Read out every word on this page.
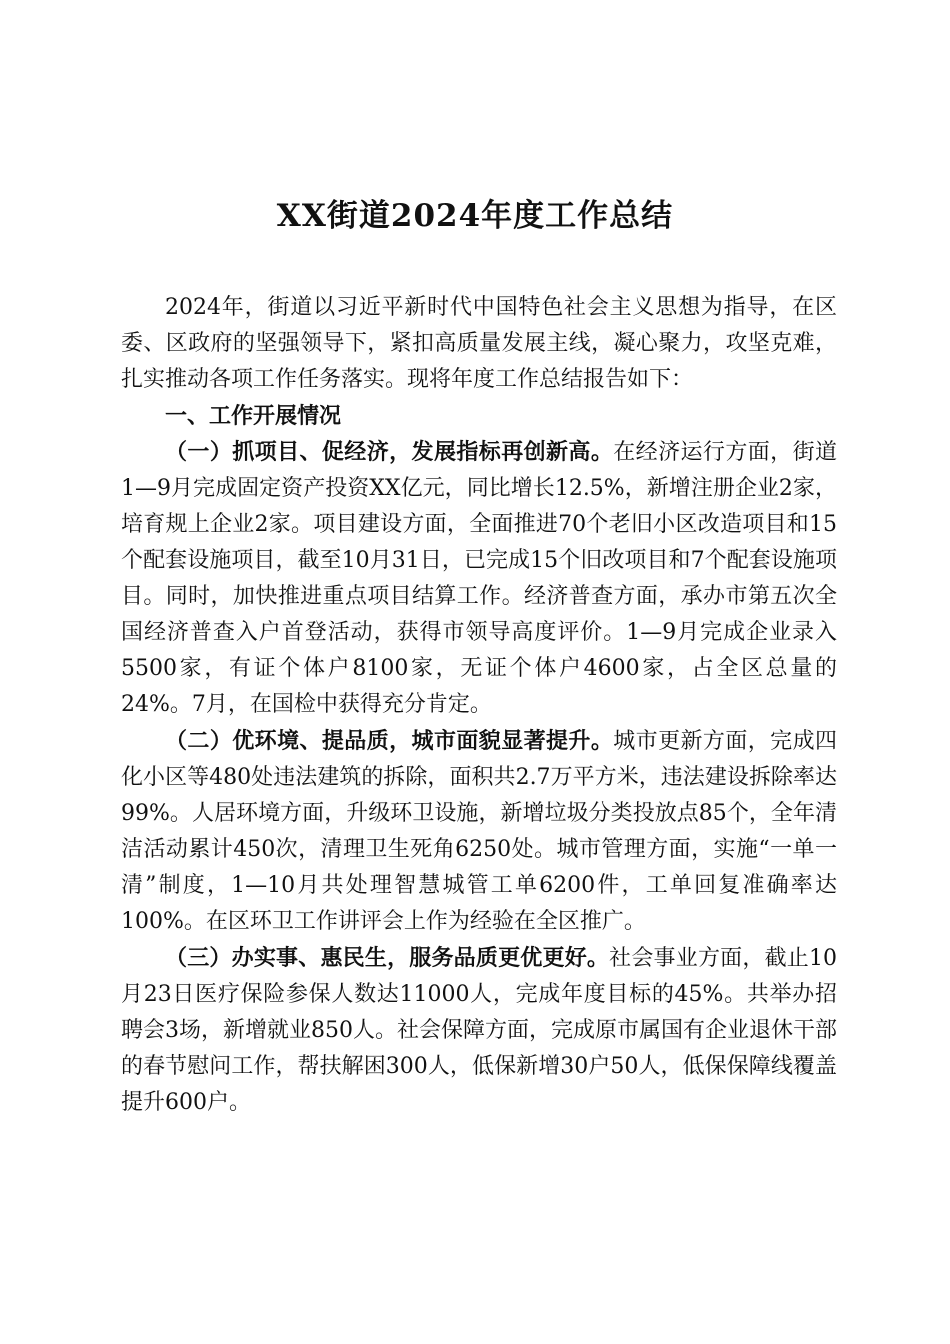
XX街道2024年度工作总结

2024年，街道以习近平新时代中国特色社会主义思想为指导，在区委、区政府的坚强领导下，紧扣高质量发展主线，凝心聚力，攻坚克难，扎实推动各项工作任务落实。现将年度工作总结报告如下：

一、工作开展情况

（一）抓项目、促经济，发展指标再创新高。在经济运行方面，街道1—9月完成固定资产投资XX亿元，同比增长12.5%，新增注册企业2家，培育规上企业2家。项目建设方面，全面推进70个老旧小区改造项目和15个配套设施项目，截至10月31日，已完成15个旧改项目和7个配套设施项目。同时，加快推进重点项目结算工作。经济普查方面，承办市第五次全国经济普查入户首登活动，获得市领导高度评价。1—9月完成企业录入5500家，有证个体户8100家，无证个体户4600家，占全区总量的24%。7月，在国检中获得充分肯定。

（二）优环境、提品质，城市面貌显著提升。城市更新方面，完成四化小区等480处违法建筑的拆除，面积共2.7万平方米，违法建设拆除率达99%。人居环境方面，升级环卫设施，新增垃圾分类投放点85个，全年清洁活动累计450次，清理卫生死角6250处。城市管理方面，实施“一单一清”制度，1—10月共处理智慧城管工单6200件，工单回复准确率达100%。在区环卫工作讲评会上作为经验在全区推广。

（三）办实事、惠民生，服务品质更优更好。社会事业方面，截止10月23日医疗保险参保人数达11000人，完成年度目标的45%。共举办招聘会3场，新增就业850人。社会保障方面，完成原市属国有企业退休干部的春节慰问工作，帮扶解困300人，低保新增30户50人，低保保障线覆盖提升600户。
